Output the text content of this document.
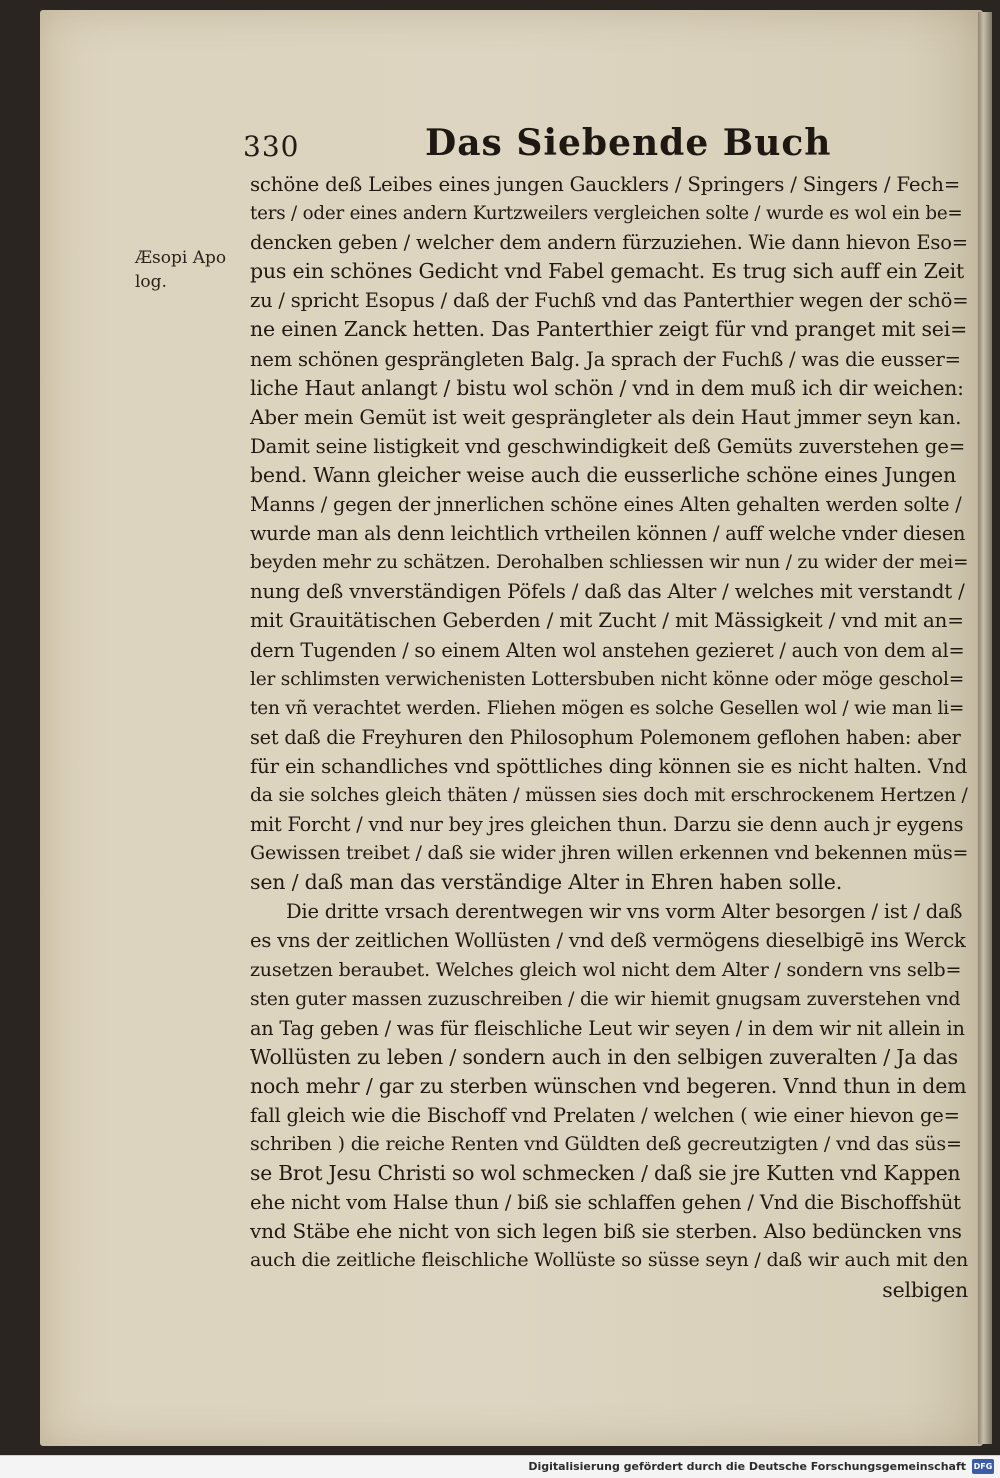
330	Das Siebende Buch
Æsopi Apo
log.
schöne deß Leibes eines jungen Gaucklers / Springers / Singers / Fech=
ters / oder eines andern Kurtzweilers vergleichen solte / wurde es wol ein be=
dencken geben / welcher dem andern fürzuziehen. Wie dann hievon Eso=
pus ein schönes Gedicht vnd Fabel gemacht. Es trug sich auff ein Zeit
zu / spricht Esopus / daß der Fuchß vnd das Panterthier wegen der schö=
ne einen Zanck hetten. Das Panterthier zeigt für vnd pranget mit sei=
nem schönen gesprängleten Balg. Ja sprach der Fuchß / was die eusser=
liche Haut anlangt / bistu wol schön / vnd in dem muß ich dir weichen:
Aber mein Gemüt ist weit gesprängleter als dein Haut jmmer seyn kan.
Damit seine listigkeit vnd geschwindigkeit deß Gemüts zuverstehen ge=
bend. Wann gleicher weise auch die eusserliche schöne eines Jungen
Manns / gegen der jnnerlichen schöne eines Alten gehalten werden solte /
wurde man als denn leichtlich vrtheilen können / auff welche vnder diesen
beyden mehr zu schätzen. Derohalben schliessen wir nun / zu wider der mei=
nung deß vnverständigen Pöfels / daß das Alter / welches mit verstandt /
mit Grauitätischen Geberden / mit Zucht / mit Mässigkeit / vnd mit an=
dern Tugenden / so einem Alten wol anstehen gezieret / auch von dem al=
ler schlimsten verwichenisten Lottersbuben nicht könne oder möge geschol=
ten vñ verachtet werden. Fliehen mögen es solche Gesellen wol / wie man li=
set daß die Freyhuren den Philosophum Polemonem geflohen haben: aber
für ein schandliches vnd spöttliches ding können sie es nicht halten. Vnd
da sie solches gleich thäten / müssen sies doch mit erschrockenem Hertzen /
mit Forcht / vnd nur bey jres gleichen thun. Darzu sie denn auch jr eygens
Gewissen treibet / daß sie wider jhren willen erkennen vnd bekennen müs=
sen / daß man das verständige Alter in Ehren haben solle.
Die dritte vrsach derentwegen wir vns vorm Alter besorgen / ist / daß
es vns der zeitlichen Wollüsten / vnd deß vermögens dieselbigē ins Werck
zusetzen beraubet. Welches gleich wol nicht dem Alter / sondern vns selb=
sten guter massen zuzuschreiben / die wir hiemit gnugsam zuverstehen vnd
an Tag geben / was für fleischliche Leut wir seyen / in dem wir nit allein in
Wollüsten zu leben / sondern auch in den selbigen zuveralten / Ja das
noch mehr / gar zu sterben wünschen vnd begeren. Vnnd thun in dem
fall gleich wie die Bischoff vnd Prelaten / welchen ( wie einer hievon ge=
schriben ) die reiche Renten vnd Güldten deß gecreutzigten / vnd das süs=
se Brot Jesu Christi so wol schmecken / daß sie jre Kutten vnd Kappen
ehe nicht vom Halse thun / biß sie schlaffen gehen / Vnd die Bischoffshüt
vnd Stäbe ehe nicht von sich legen biß sie sterben. Also bedüncken vns
auch die zeitliche fleischliche Wollüste so süsse seyn / daß wir auch mit den
selbigen
Digitalisierung gefördert durch die Deutsche Forschungsgemeinschaft DFG
